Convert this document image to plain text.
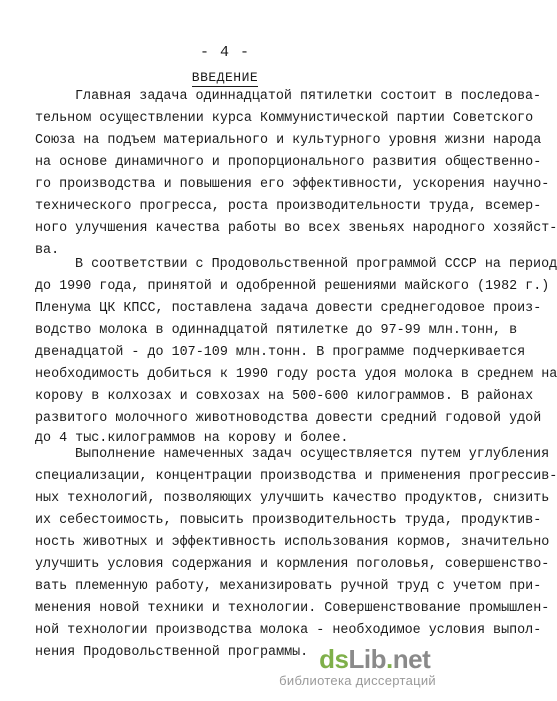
- 4 -
ВВЕДЕНИЕ
Главная задача одиннадцатой пятилетки состоит в последова-
тельном осуществлении курса Коммунистической партии Советского
Союза на подъем материального и культурного уровня жизни народа
на основе динамичного и пропорционального развития общественно-
го производства и повышения его эффективности, ускорения научно-
технического прогресса, роста производительности труда, всемер-
ного улучшения качества работы во всех звеньях народного хозяйст-
ва.
В соответствии с Продовольственной программой СССР на период
до 1990 года, принятой и одобренной решениями майского (1982 г.)
Пленума ЦК КПСС, поставлена задача довести среднегодовое произ-
водство молока в одиннадцатой пятилетке до 97-99 млн.тонн, в
двенадцатой - до 107-109 млн.тонн. В программе подчеркивается
необходимость добиться к 1990 году роста удоя молока в среднем на
корову в колхозах и совхозах на 500-600 килограммов. В районах
развитого молочного животноводства довести средний годовой удой
до 4 тыс.килограммов на корову и более.
Выполнение намеченных задач осуществляется путем углубления
специализации, концентрации производства и применения прогрессив-
ных технологий, позволяющих улучшить качество продуктов, снизить
их себестоимость, повысить производительность труда, продуктив-
ность животных и эффективность использования кормов, значительно
улучшить условия содержания и кормления поголовья, совершенство-
вать племенную работу, механизировать ручной труд с учетом при-
менения новой техники и технологии. Совершенствование промышлен-
ной технологии производства молока - необходимое условия выпол-
нения Продовольственной программы. dsLib.net
библиотека диссертаций
